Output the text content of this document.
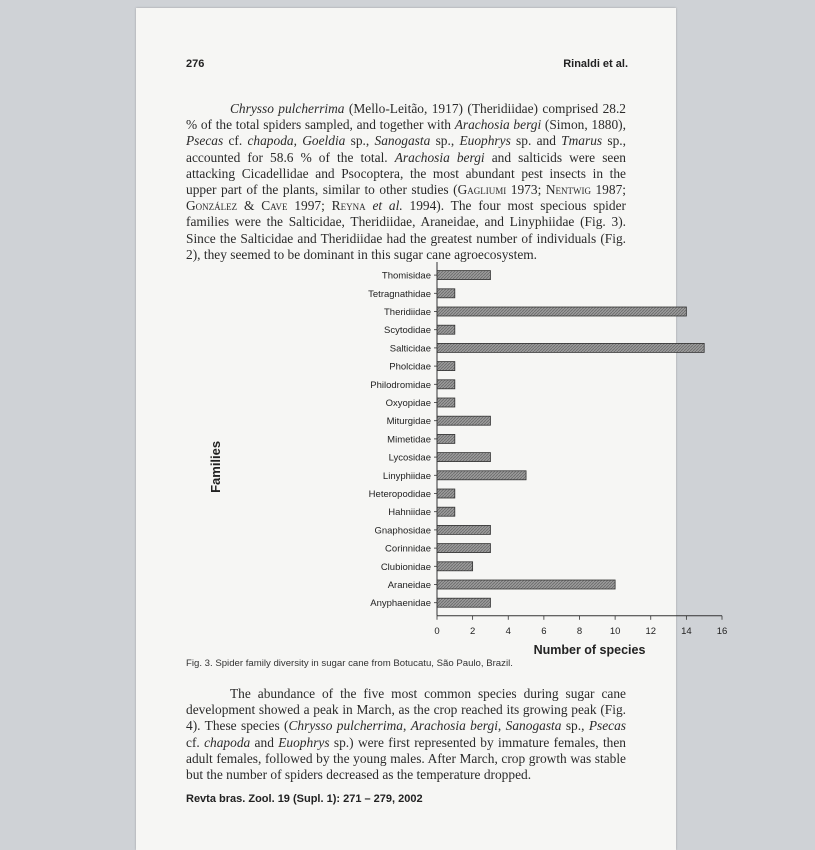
276	Rinaldi et al.

Chrysso pulcherrima (Mello-Leitão, 1917) (Theridiidae) comprised 28.2 % of the total spiders sampled, and together with Arachosia bergi (Simon, 1880), Psecas cf. chapoda, Goeldia sp., Sanogasta sp., Euophrys sp. and Tmarus sp., accounted for 58.6 % of the total. Arachosia bergi and salticids were seen attacking Cicadellidae and Psocoptera, the most abundant pest insects in the upper part of the plants, similar to other studies (Gagliumi 1973; Nentwig 1987; González & Cave 1997; Reyna et al. 1994). The four most specious spider families were the Salticidae, Theridiidae, Araneidae, and Linyphiidae (Fig. 3). Since the Salticidae and Theridiidae had the greatest number of individuals (Fig. 2), they seemed to be dominant in this sugar cane agroecosystem.

Thomisidae
Tetragnathidae
Theridiidae
Scytodidae
Salticidae
Pholcidae
Philodromidae
Oxyopidae
Miturgidae
Mimetidae
Lycosidae
Linyphiidae
Heteropodidae
Hahniidae
Gnaphosidae
Corinnidae
Clubionidae
Araneidae
Anyphaenidae
0	2	4	6	8	10	12	14	16
Families
Number of species
Fig. 3. Spider family diversity in sugar cane from Botucatu, São Paulo, Brazil.

The abundance of the five most common species during sugar cane development showed a peak in March, as the crop reached its growing peak (Fig. 4). These species (Chrysso pulcherrima, Arachosia bergi, Sanogasta sp., Psecas cf. chapoda and Euophrys sp.) were first represented by immature females, then adult females, followed by the young males. After March, crop growth was stable but the number of spiders decreased as the temperature dropped.

Revta bras. Zool. 19 (Supl. 1): 271 – 279, 2002
